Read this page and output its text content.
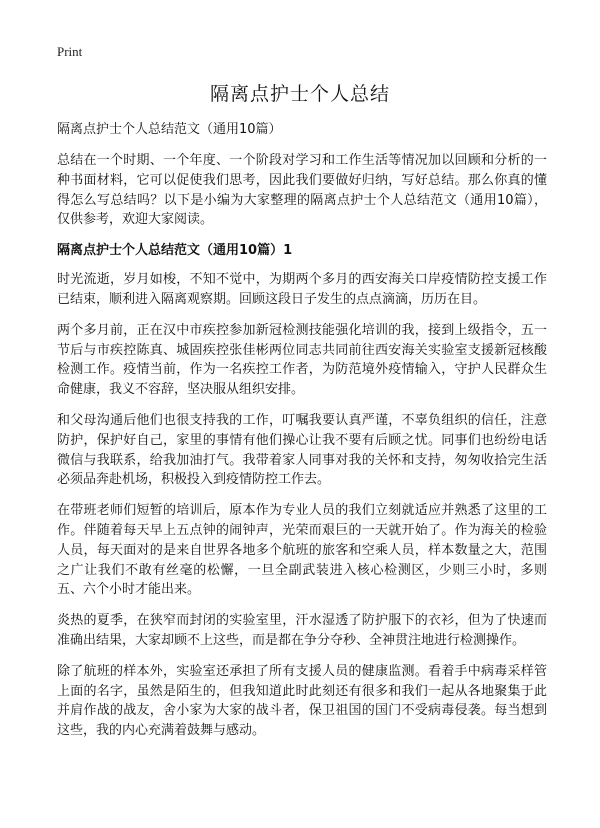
Print
隔离点护士个人总结

隔离点护士个人总结范文（通用10篇）

总结在一个时期、一个年度、一个阶段对学习和工作生活等情况加以回顾和分析的一种书面材料，它可以促使我们思考，因此我们要做好归纳，写好总结。那么你真的懂得怎么写总结吗？以下是小编为大家整理的隔离点护士个人总结范文（通用10篇），仅供参考，欢迎大家阅读。

隔离点护士个人总结范文（通用10篇）1

时光流逝，岁月如梭，不知不觉中，为期两个多月的西安海关口岸疫情防控支援工作已结束，顺利进入隔离观察期。回顾这段日子发生的点点滴滴，历历在目。

两个多月前，正在汉中市疾控参加新冠检测技能强化培训的我，接到上级指令，五一节后与市疾控陈真、城固疾控张佳彬两位同志共同前往西安海关实验室支援新冠核酸检测工作。疫情当前，作为一名疾控工作者，为防范境外疫情输入，守护人民群众生命健康，我义不容辞，坚决服从组织安排。

和父母沟通后他们也很支持我的工作，叮嘱我要认真严谨，不辜负组织的信任，注意防护，保护好自己，家里的事情有他们操心让我不要有后顾之忧。同事们也纷纷电话微信与我联系，给我加油打气。我带着家人同事对我的关怀和支持，匆匆收拾完生活必须品奔赴机场，积极投入到疫情防控工作去。

在带班老师们短暂的培训后，原本作为专业人员的我们立刻就适应并熟悉了这里的工作。伴随着每天早上五点钟的闹钟声，光荣而艰巨的一天就开始了。作为海关的检验人员，每天面对的是来自世界各地多个航班的旅客和空乘人员，样本数量之大，范围之广让我们不敢有丝毫的松懈，一旦全副武装进入核心检测区，少则三小时，多则五、六个小时才能出来。

炎热的夏季，在狭窄而封闭的实验室里，汗水湿透了防护服下的衣衫，但为了快速而准确出结果，大家却顾不上这些，而是都在争分夺秒、全神贯注地进行检测操作。

除了航班的样本外，实验室还承担了所有支援人员的健康监测。看着手中病毒采样管上面的名字，虽然是陌生的，但我知道此时此刻还有很多和我们一起从各地聚集于此并肩作战的战友，舍小家为大家的战斗者，保卫祖国的国门不受病毒侵袭。每当想到这些，我的内心充满着鼓舞与感动。
